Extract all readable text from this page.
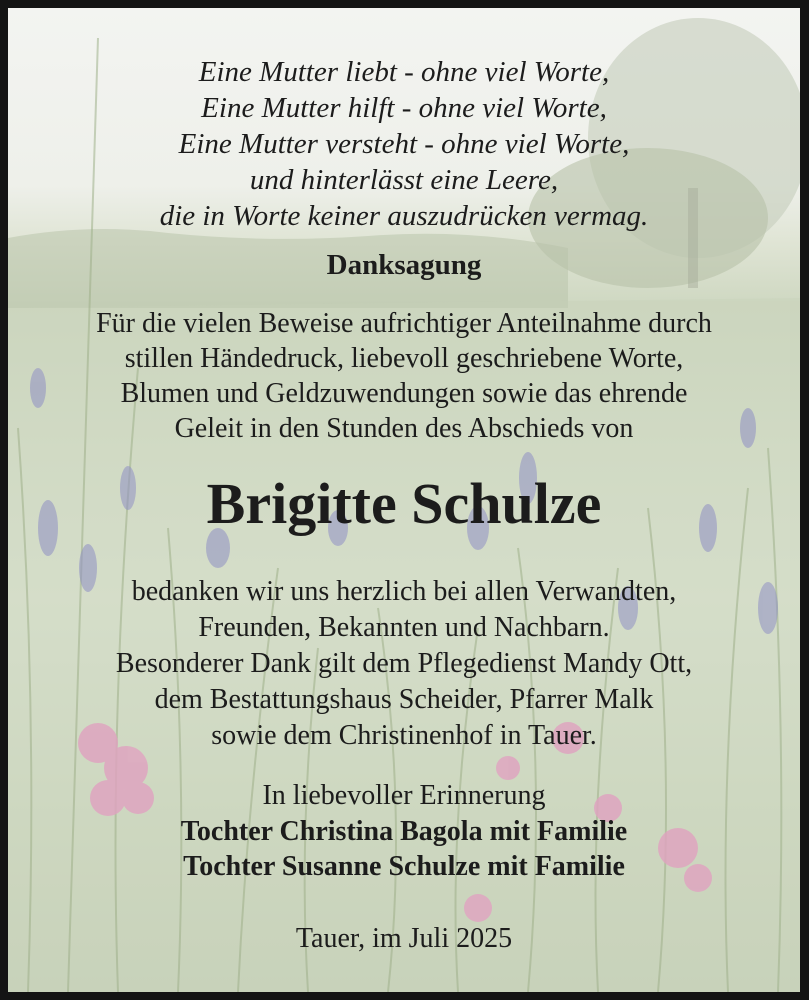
Eine Mutter liebt - ohne viel Worte,
Eine Mutter hilft - ohne viel Worte,
Eine Mutter versteht - ohne viel Worte,
und hinterlässt eine Leere,
die in Worte keiner auszudrücken vermag.
Danksagung
Für die vielen Beweise aufrichtiger Anteilnahme durch
stillen Händedruck, liebevoll geschriebene Worte,
Blumen und Geldzuwendungen sowie das ehrende
Geleit in den Stunden des Abschieds von
Brigitte Schulze
bedanken wir uns herzlich bei allen Verwandten,
Freunden, Bekannten und Nachbarn.
Besonderer Dank gilt dem Pflegedienst Mandy Ott,
dem Bestattungshaus Scheider, Pfarrer Malk
sowie dem Christinenhof in Tauer.
In liebevoller Erinnerung
Tochter Christina Bagola mit Familie
Tochter Susanne Schulze mit Familie
Tauer, im Juli 2025
